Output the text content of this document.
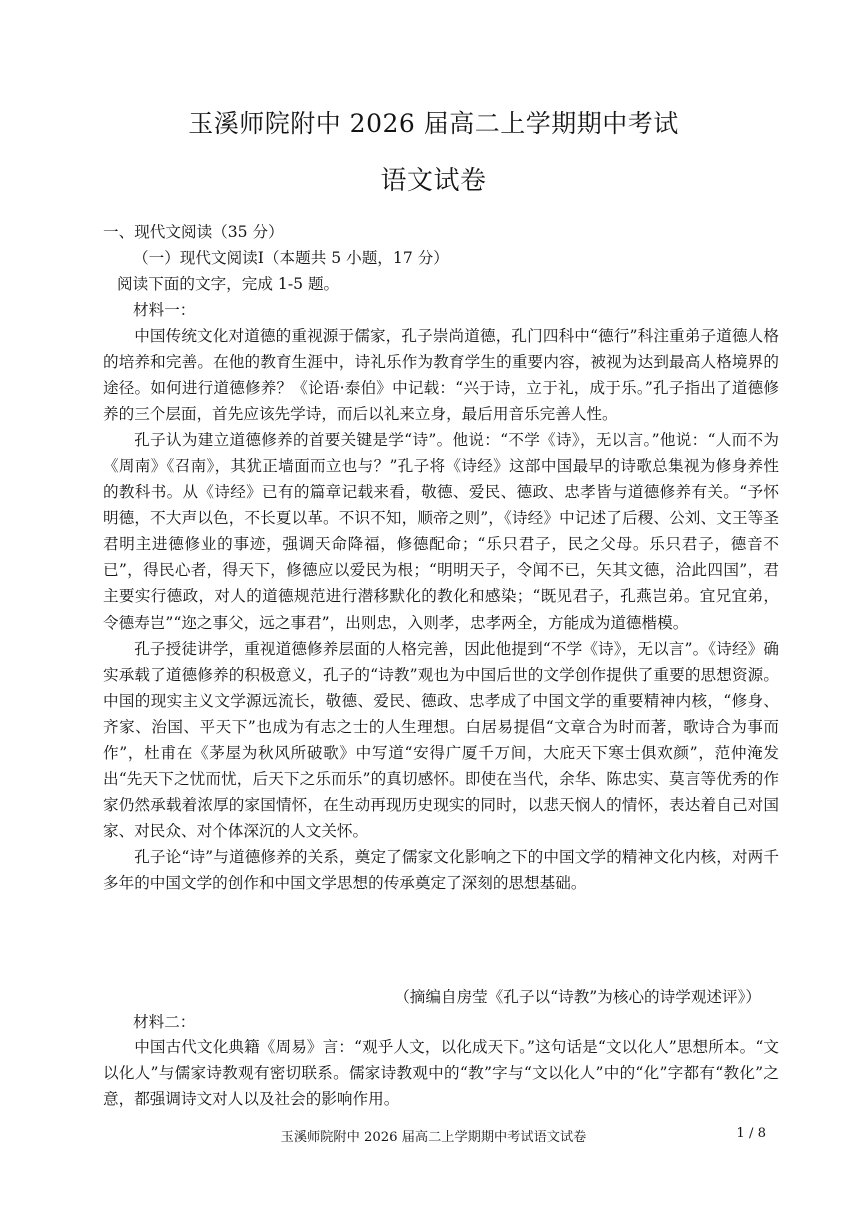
玉溪师院附中 2026 届高二上学期期中考试
语文试卷
一、现代文阅读（35 分）
（一）现代文阅读Ⅰ（本题共 5 小题，17 分）
阅读下面的文字，完成 1-5 题。
材料一：

中国传统文化对道德的重视源于儒家，孔子崇尚道德，孔门四科中“德行”科注重弟子道德人格的培养和完善。在他的教育生涯中，诗礼乐作为教育学生的重要内容，被视为达到最高人格境界的途径。如何进行道德修养？《论语·泰伯》中记载：“兴于诗，立于礼，成于乐。”孔子指出了道德修养的三个层面，首先应该先学诗，而后以礼来立身，最后用音乐完善人性。

孔子认为建立道德修养的首要关键是学“诗”。他说：“不学《诗》，无以言。”他说：“人而不为《周南》《召南》，其犹正墙面而立也与？”孔子将《诗经》这部中国最早的诗歌总集视为修身养性的教科书。从《诗经》已有的篇章记载来看，敬德、爱民、德政、忠孝皆与道德修养有关。“予怀明德，不大声以色，不长夏以革。不识不知，顺帝之则”，《诗经》中记述了后稷、公刘、文王等圣君明主进德修业的事迹，强调天命降福，修德配命；“乐只君子，民之父母。乐只君子，德音不已”，得民心者，得天下，修德应以爱民为根；“明明天子，令闻不已，矢其文德，洽此四国”，君主要实行德政，对人的道德规范进行潜移默化的教化和感染；“既见君子，孔燕岂弟。宜兄宜弟，令德寿岂”“迩之事父，远之事君”，出则忠，入则孝，忠孝两全，方能成为道德楷模。

孔子授徒讲学，重视道德修养层面的人格完善，因此他提到“不学《诗》，无以言”。《诗经》确实承载了道德修养的积极意义，孔子的“诗教”观也为中国后世的文学创作提供了重要的思想资源。中国的现实主义文学源远流长，敬德、爱民、德政、忠孝成了中国文学的重要精神内核，“修身、齐家、治国、平天下”也成为有志之士的人生理想。白居易提倡“文章合为时而著，歌诗合为事而作”，杜甫在《茅屋为秋风所破歌》中写道“安得广厦千万间，大庇天下寒士俱欢颜”，范仲淹发出“先天下之忧而忧，后天下之乐而乐”的真切感怀。即使在当代，余华、陈忠实、莫言等优秀的作家仍然承载着浓厚的家国情怀，在生动再现历史现实的同时，以悲天悯人的情怀，表达着自己对国家、对民众、对个体深沉的人文关怀。

孔子论“诗”与道德修养的关系，奠定了儒家文化影响之下的中国文学的精神文化内核，对两千多年的中国文学的创作和中国文学思想的传承奠定了深刻的思想基础。

（摘编自房莹《孔子以“诗教”为核心的诗学观述评》）
材料二：

中国古代文化典籍《周易》言：“观乎人文，以化成天下。”这句话是“文以化人”思想所本。“文以化人”与儒家诗教观有密切联系。儒家诗教观中的“教”字与“文以化人”中的“化”字都有“教化”之意，都强调诗文对人以及社会的影响作用。

玉溪师院附中 2026 届高二上学期期中考试语文试卷	1 / 8
